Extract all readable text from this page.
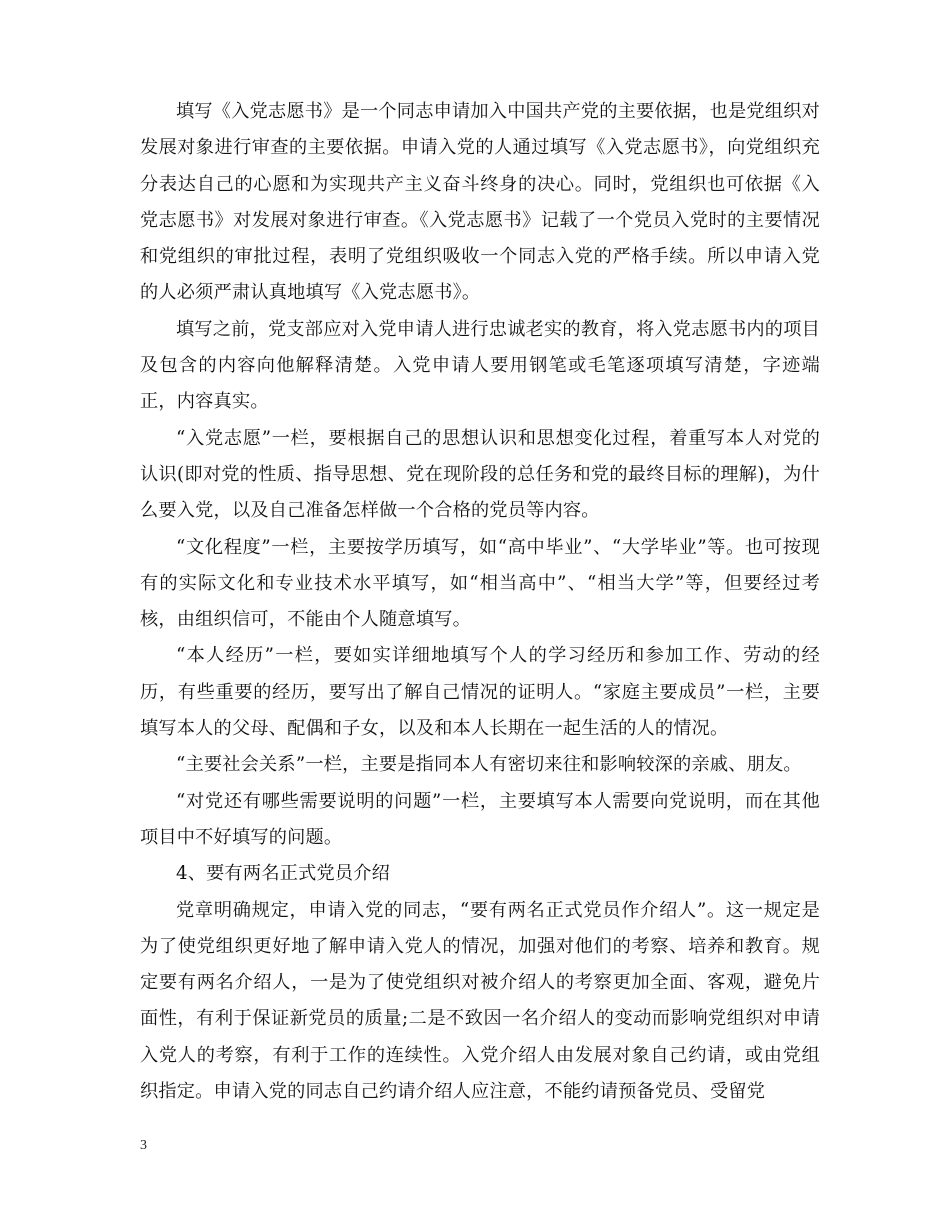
填写《入党志愿书》是一个同志申请加入中国共产党的主要依据，也是党组织对发展对象进行审查的主要依据。申请入党的人通过填写《入党志愿书》，向党组织充分表达自己的心愿和为实现共产主义奋斗终身的决心。同时，党组织也可依据《入党志愿书》对发展对象进行审查。《入党志愿书》记载了一个党员入党时的主要情况和党组织的审批过程，表明了党组织吸收一个同志入党的严格手续。所以申请入党的人必须严肃认真地填写《入党志愿书》。

填写之前，党支部应对入党申请人进行忠诚老实的教育，将入党志愿书内的项目及包含的内容向他解释清楚。入党申请人要用钢笔或毛笔逐项填写清楚，字迹端正，内容真实。

“入党志愿”一栏，要根据自己的思想认识和思想变化过程，着重写本人对党的认识(即对党的性质、指导思想、党在现阶段的总任务和党的最终目标的理解)，为什么要入党，以及自己准备怎样做一个合格的党员等内容。

“文化程度”一栏，主要按学历填写，如“高中毕业”、“大学毕业”等。也可按现有的实际文化和专业技术水平填写，如“相当高中”、“相当大学”等，但要经过考核，由组织信可，不能由个人随意填写。

“本人经历”一栏，要如实详细地填写个人的学习经历和参加工作、劳动的经历，有些重要的经历，要写出了解自己情况的证明人。“家庭主要成员”一栏，主要填写本人的父母、配偶和子女，以及和本人长期在一起生活的人的情况。

“主要社会关系”一栏，主要是指同本人有密切来往和影响较深的亲戚、朋友。

“对党还有哪些需要说明的问题”一栏，主要填写本人需要向党说明，而在其他项目中不好填写的问题。

4、要有两名正式党员介绍

党章明确规定，申请入党的同志，“要有两名正式党员作介绍人”。这一规定是为了使党组织更好地了解申请入党人的情况，加强对他们的考察、培养和教育。规定要有两名介绍人，一是为了使党组织对被介绍人的考察更加全面、客观，避免片面性，有利于保证新党员的质量;二是不致因一名介绍人的变动而影响党组织对申请入党人的考察，有利于工作的连续性。入党介绍人由发展对象自己约请，或由党组织指定。申请入党的同志自己约请介绍人应注意，不能约请预备党员、受留党

3
